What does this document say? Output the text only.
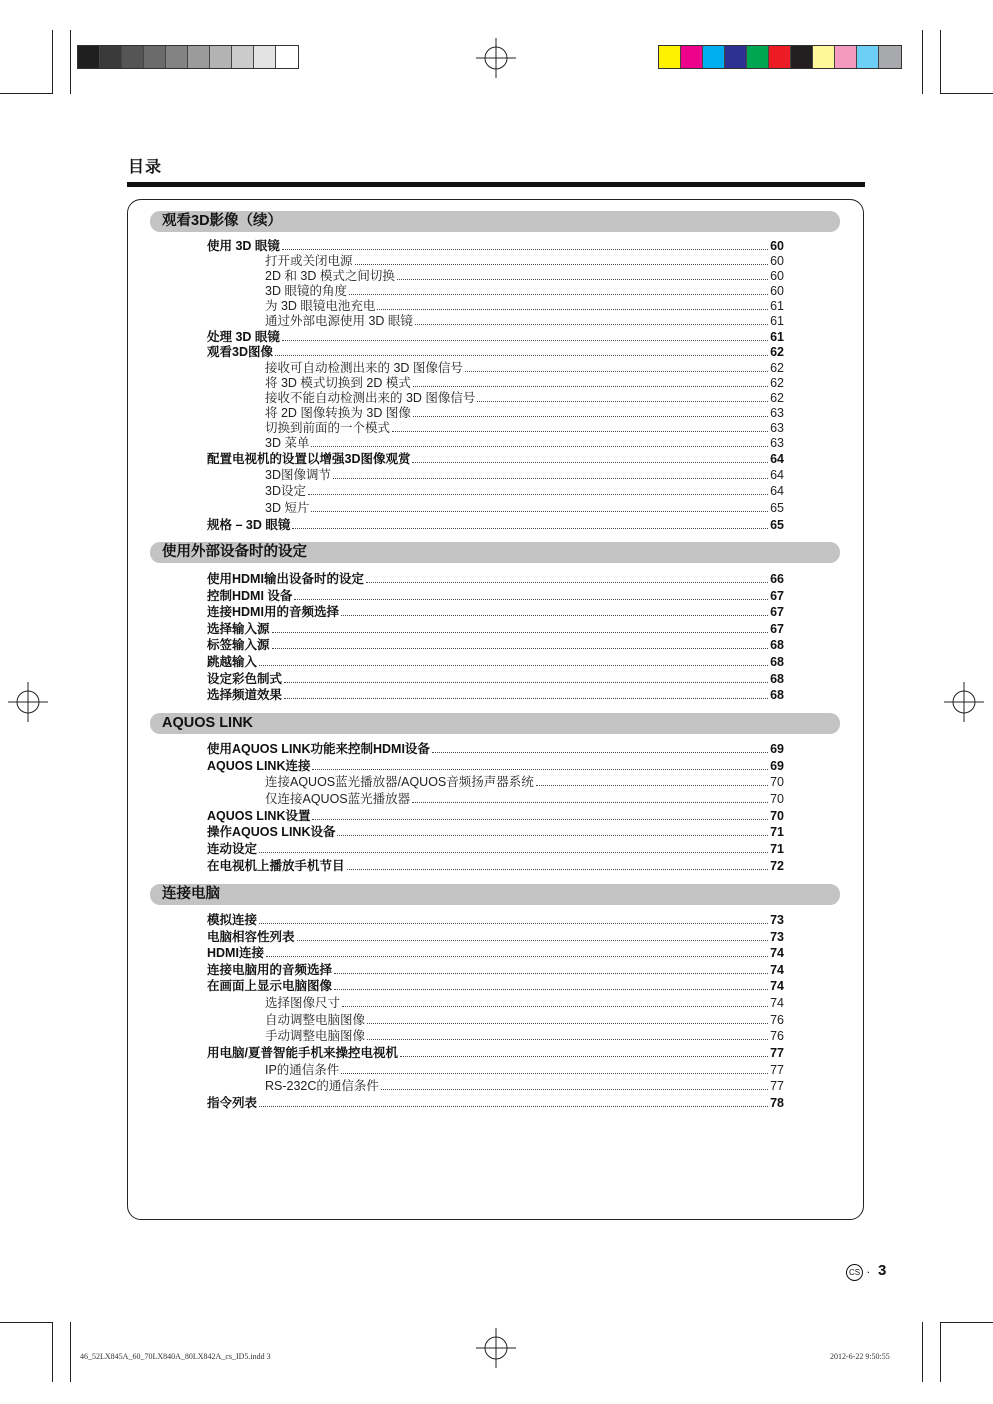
目录
观看3D影像（续）
使用 3D 眼镜	60
打开或关闭电源	60
2D 和 3D 模式之间切换	60
3D 眼镜的角度	60
为 3D 眼镜电池充电	61
通过外部电源使用 3D 眼镜	61
处理 3D 眼镜	61
观看3D图像	62
接收可自动检测出来的 3D 图像信号	62
将 3D 模式切换到 2D 模式	62
接收不能自动检测出来的 3D 图像信号	62
将 2D 图像转换为 3D 图像	63
切换到前面的一个模式	63
3D 菜单	63
配置电视机的设置以增强3D图像观赏	64
3D图像调节	64
3D设定	64
3D 短片	65
规格 – 3D 眼镜	65
使用外部设备时的设定
使用HDMI输出设备时的设定	66
控制HDMI 设备	67
连接HDMI用的音频选择	67
选择输入源	67
标签输入源	68
跳越输入	68
设定彩色制式	68
选择频道效果	68
AQUOS LINK
使用AQUOS LINK功能来控制HDMI设备	69
AQUOS LINK连接	69
连接AQUOS蓝光播放器/AQUOS音频扬声器系统	70
仅连接AQUOS蓝光播放器	70
AQUOS LINK设置	70
操作AQUOS LINK设备	71
连动设定	71
在电视机上播放手机节目	72
连接电脑
模拟连接	73
电脑相容性列表	73
HDMI连接	74
连接电脑用的音频选择	74
在画面上显示电脑图像	74
选择图像尺寸	74
自动调整电脑图像	76
手动调整电脑图像	76
用电脑/夏普智能手机来操控电视机	77
IP的通信条件	77
RS-232C的通信条件	77
指令列表	78
CS · 3
46_52LX845A_60_70LX840A_80LX842A_cs_ID5.indd 3	2012-6-22 9:50:55
